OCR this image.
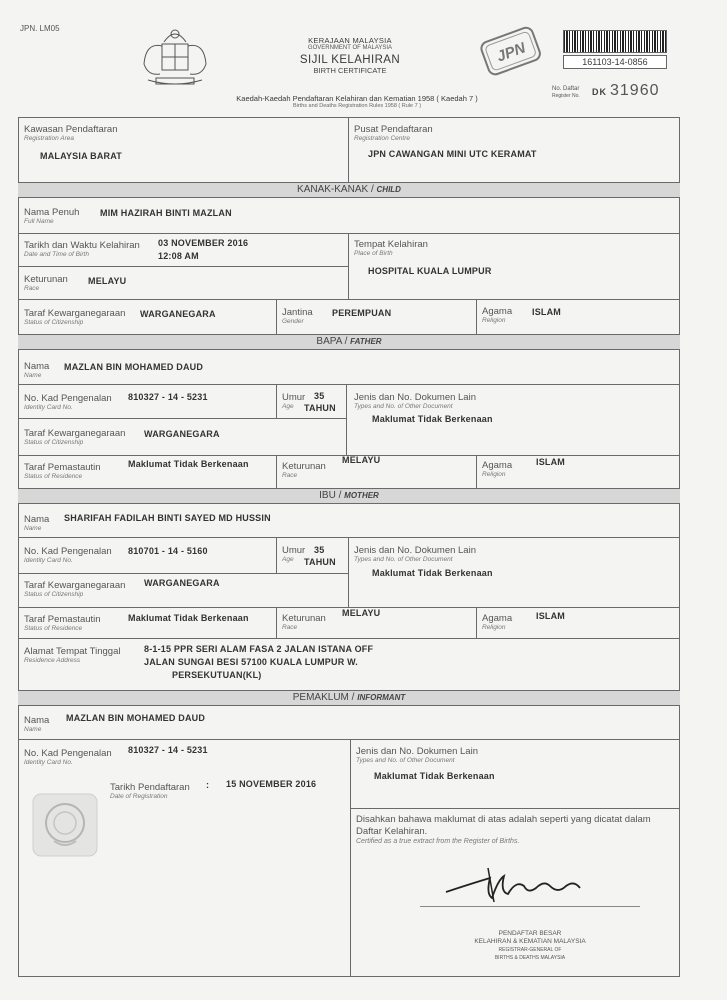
JPN. LM05
KERAJAAN MALAYSIA
GOVERNMENT OF MALAYSIA
SIJIL KELAHIRAN
BIRTH CERTIFICATE
Kaedah-Kaedah Pendaftaran Kelahiran dan Kematian 1958 ( Kaedah 7 )
Births and Deaths Registration Rules 1958 ( Rule 7 )
JPN	161103-14-0856
No. Daftar
Register No. DK 31960
Kawasan Pendaftaran
Registration Area
MALAYSIA BARAT
Pusat Pendaftaran
Registration Centre
JPN CAWANGAN MINI UTC KERAMAT
KANAK-KANAK / CHILD
Nama Penuh
Full Name
MIM HAZIRAH BINTI MAZLAN
Tarikh dan Waktu Kelahiran
Date and Time of Birth
03 NOVEMBER 2016
12:08 AM
Tempat Kelahiran
Place of Birth
HOSPITAL KUALA LUMPUR
Keturunan
Race
MELAYU
Taraf Kewarganegaraan
Status of Citizenship
WARGANEGARA	Jantina
Gender
PEREMPUAN	Agama
Religion
ISLAM
BAPA / FATHER
Nama
Name
MAZLAN BIN MOHAMED DAUD
No. Kad Pengenalan
Identity Card No.
810327 - 14 - 5231	Umur
Age
35
TAHUN
Jenis dan No. Dokumen Lain
Types and No. of Other Document
Maklumat Tidak Berkenaan
Taraf Kewarganegaraan
Status of Citizenship
WARGANEGARA
Taraf Pemastautin
Status of Residence
Maklumat Tidak Berkenaan	Keturunan
Race
MELAYU	Agama
Religion
ISLAM
IBU / MOTHER
Nama
Name
SHARIFAH FADILAH BINTI SAYED MD HUSSIN
No. Kad Pengenalan
Identity Card No.
810701 - 14 - 5160	Umur
Age
35
TAHUN
Jenis dan No. Dokumen Lain
Types and No. of Other Document
Maklumat Tidak Berkenaan
Taraf Kewarganegaraan
Status of Citizenship
WARGANEGARA
Taraf Pemastautin
Status of Residence
Maklumat Tidak Berkenaan	Keturunan
Race
MELAYU	Agama
Religion
ISLAM
Alamat Tempat Tinggal
Residence Address
8-1-15 PPR SERI ALAM FASA 2 JALAN ISTANA OFF
JALAN SUNGAI BESI 57100 KUALA LUMPUR W.
PERSEKUTUAN(KL)
PEMAKLUM / INFORMANT
Nama
Name
MAZLAN BIN MOHAMED DAUD
No. Kad Pengenalan
Identity Card No.
810327 - 14 - 5231	Jenis dan No. Dokumen Lain
Types and No. of Other Document
Maklumat Tidak Berkenaan
Tarikh Pendaftaran
Date of Registration
: 15 NOVEMBER 2016
Disahkan bahawa maklumat di atas adalah seperti yang dicatat dalam Daftar Kelahiran.
Certified as a true extract from the Register of Births.
PENDAFTAR BESAR
KELAHIRAN & KEMATIAN MALAYSIA
REGISTRAR-GENERAL OF
BIRTHS & DEATHS MALAYSIA
